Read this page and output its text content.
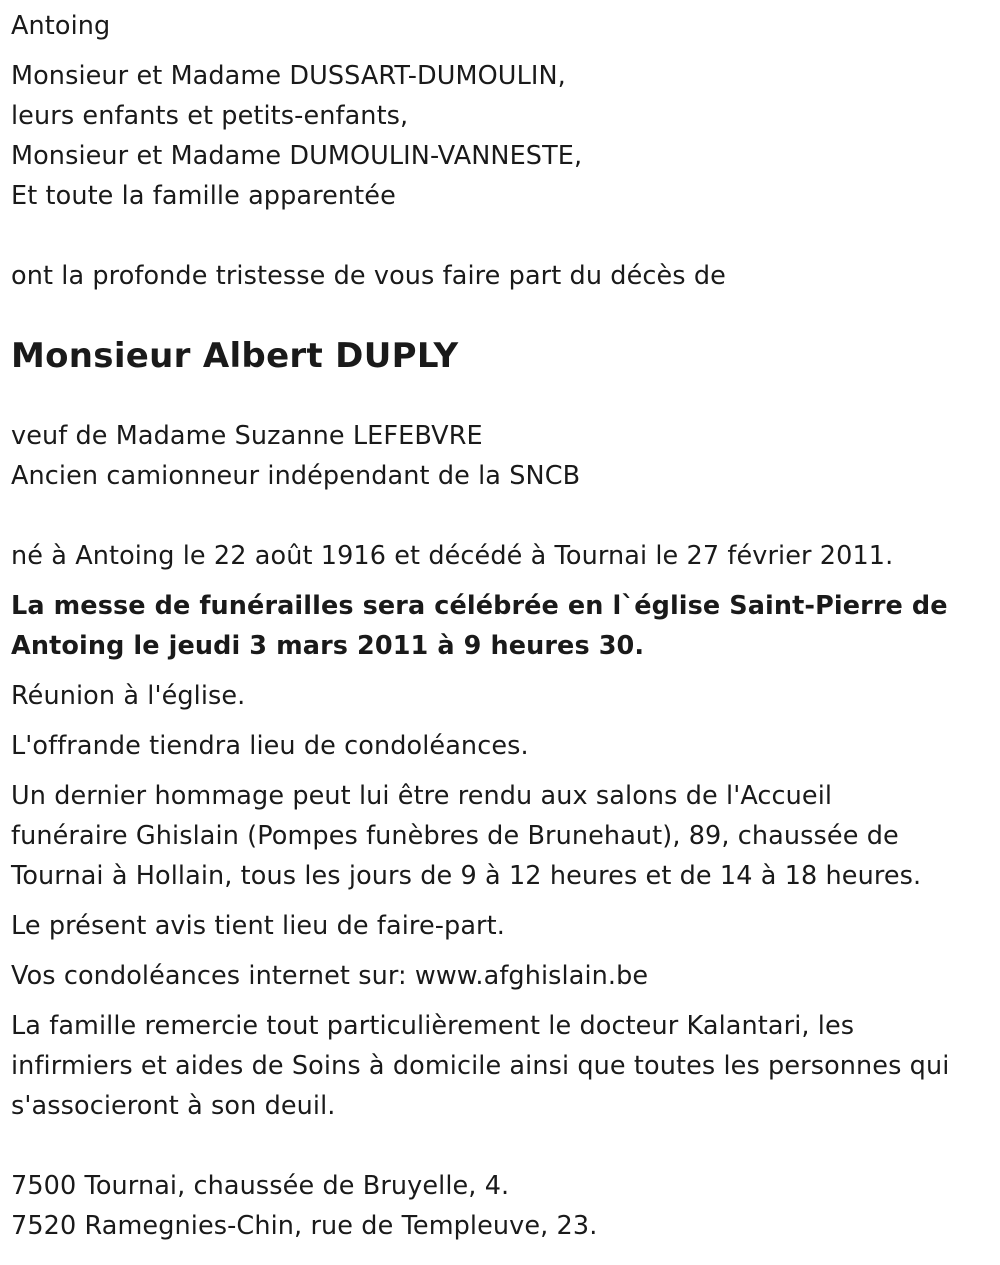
Antoing
Monsieur et Madame DUSSART-DUMOULIN,
leurs enfants et petits-enfants,
Monsieur et Madame DUMOULIN-VANNESTE,
Et toute la famille apparentée
ont la profonde tristesse de vous faire part du décès de
Monsieur Albert DUPLY
veuf de Madame Suzanne LEFEBVRE
Ancien camionneur indépendant de la SNCB
né à Antoing le 22 août 1916 et décédé à Tournai le 27 février 2011.
La messe de funérailles sera célébrée en l`église Saint-Pierre de
Antoing le jeudi 3 mars 2011 à 9 heures 30.
Réunion à l'église.
L'offrande tiendra lieu de condoléances.
Un dernier hommage peut lui être rendu aux salons de l'Accueil
funéraire Ghislain (Pompes funèbres de Brunehaut), 89, chaussée de
Tournai à Hollain, tous les jours de 9 à 12 heures et de 14 à 18 heures.
Le présent avis tient lieu de faire-part.
Vos condoléances internet sur: www.afghislain.be
La famille remercie tout particulièrement le docteur Kalantari, les
infirmiers et aides de Soins à domicile ainsi que toutes les personnes qui
s'associeront à son deuil.
7500 Tournai, chaussée de Bruyelle, 4.
7520 Ramegnies-Chin, rue de Templeuve, 23.
